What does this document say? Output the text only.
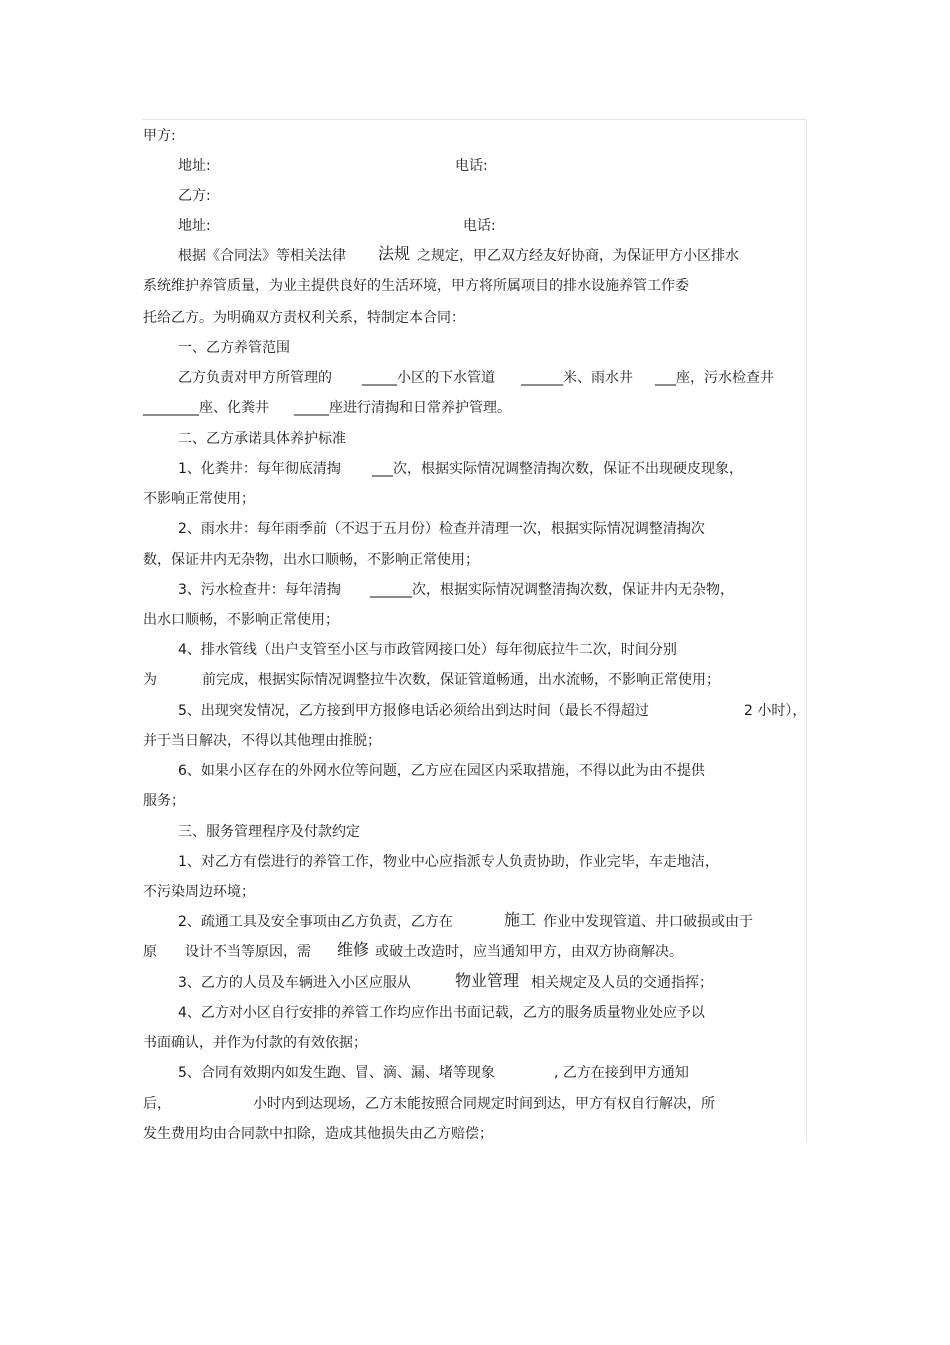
甲方:
地址:	电话:
乙方:
地址:	电话:
根据《合同法》等相关法律 法规 之规定，甲乙双方经友好协商，为保证甲方小区排水
系统维护养管质量，为业主提供良好的生活环境，甲方将所属项目的排水设施养管工作委
托给乙方。为明确双方责权利关系，特制定本合同：
一、乙方养管范围
乙方负责对甲方所管理的 _____小区的下水管道 ______米、雨水井 ___座，污水检查井
________座、化粪井 _____座进行清掏和日常养护管理。
二、乙方承诺具体养护标准
1、化粪井：每年彻底清掏 ___次，根据实际情况调整清掏次数，保证不出现硬皮现象，
不影响正常使用；
2、雨水井：每年雨季前（不迟于五月份）检查并清理一次，根据实际情况调整清掏次
数，保证井内无杂物，出水口顺畅，不影响正常使用；
3、污水检查井：每年清掏 ______次，根据实际情况调整清掏次数，保证井内无杂物，
出水口顺畅，不影响正常使用；
4、排水管线（出户支管至小区与市政管网接口处）每年彻底拉牛二次，时间分别
为	前完成，根据实际情况调整拉牛次数，保证管道畅通，出水流畅，不影响正常使用；
5、出现突发情况，乙方接到甲方报修电话必须给出到达时间（最长不得超过	2 小时），
并于当日解决，不得以其他理由推脱；
6、如果小区存在的外网水位等问题，乙方应在园区内采取措施，不得以此为由不提供
服务；
三、服务管理程序及付款约定
1、对乙方有偿进行的养管工作，物业中心应指派专人负责协助，作业完毕，车走地洁，
不污染周边环境；
2、疏通工具及安全事项由乙方负责，乙方在	施工 作业中发现管道、井口破损或由于
原 设计不当等原因，需 维修 或破土改造时，应当通知甲方，由双方协商解决。
3、乙方的人员及车辆进入小区应服从	物业管理 相关规定及人员的交通指挥；
4、乙方对小区自行安排的养管工作均应作出书面记载，乙方的服务质量物业处应予以
书面确认，并作为付款的有效依据；
5、合同有效期内如发生跑、冒、滴、漏、堵等现象	, 乙方在接到甲方通知
后，	小时内到达现场，乙方未能按照合同规定时间到达，甲方有权自行解决，所
发生费用均由合同款中扣除，造成其他损失由乙方赔偿；
